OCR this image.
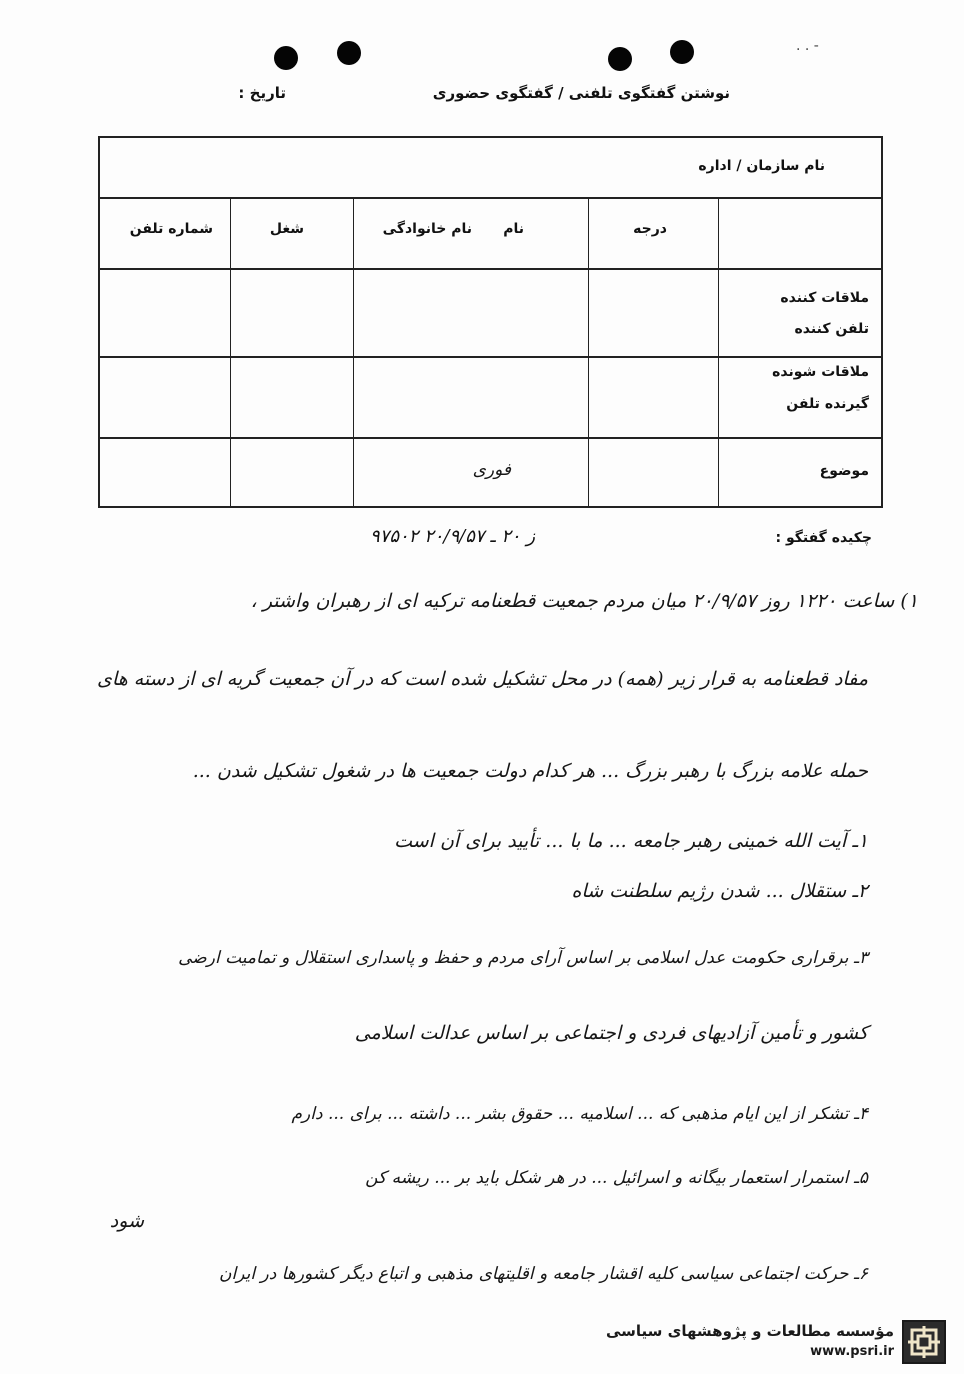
- . .
نوشتن گفتگوی تلفنی / گفتگوی حضوری
تاریخ :
نام سازمان / اداره
درجه
نام
نام خانوادگی
شغل
شماره تلفن
ملاقات کننده
تلفن کننده
ملاقات شونده
گیرنده تلفن
موضوع
فوری
چکیده گفتگو :
۹۷۵۰۲ ز ۲۰ ـ ۲۰/۹/۵۷
۱) ساعت ۱۲۲۰ روز ۲۰/۹/۵۷ میان مردم جمعیت قطعنامه ترکیه ای از رهبران واشتر ،
مفاد قطعنامه به قرار زیر (همه) در محل تشکیل شده است که در آن جمعیت گریه ای از دسته های
حمله علامه بزرگ با رهبر بزرگ ... هر کدام دولت جمعیت ها در شغول تشکیل شدن ...
۱ـ آیت الله خمینی رهبر جامعه ... ما با ... تأیید برای آن است
۲ـ ستقلال ... شدن رژیم سلطنت شاه
۳ـ برقراری حکومت عدل اسلامی بر اساس آرای مردم و حفظ و پاسداری استقلال و تمامیت ارضی
کشور و تأمین آزادیهای فردی و اجتماعی بر اساس عدالت اسلامی
۴ـ تشکر از این ایام مذهبی که ... اسلامیه ... حقوق بشر ... داشته ... برای ... دارم
۵ـ استمرار استعمار بیگانه و اسرائیل ... در هر شکل باید بر ... ریشه کن
شود
۶ـ حرکت اجتماعی سیاسی کلیه اقشار جامعه و اقلیتهای مذهبی و اتباع دیگر کشورها در ایران
مؤسسه مطالعات و پژوهشهای سیاسی
www.psri.ir
